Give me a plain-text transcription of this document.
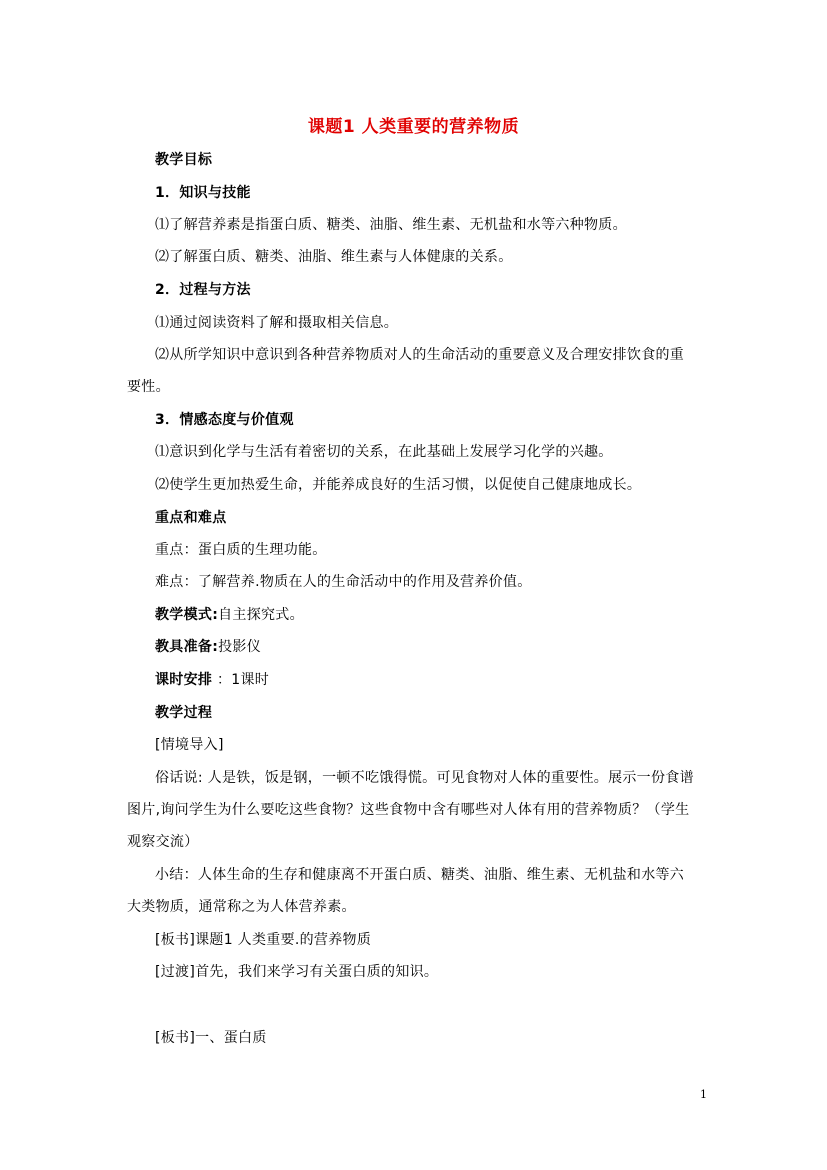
课题1 人类重要的营养物质
教学目标
1．知识与技能
⑴了解营养素是指蛋白质、糖类、油脂、维生素、无机盐和水等六种物质。
⑵了解蛋白质、糖类、油脂、维生素与人体健康的关系。
2．过程与方法
⑴通过阅读资料了解和摄取相关信息。
⑵从所学知识中意识到各种营养物质对人的生命活动的重要意义及合理安排饮食的重
要性。
3．情感态度与价值观
⑴意识到化学与生活有着密切的关系，在此基础上发展学习化学的兴趣。
⑵使学生更加热爱生命，并能养成良好的生活习惯，以促使自己健康地成长。
重点和难点
重点：蛋白质的生理功能。
难点：了解营养.物质在人的生命活动中的作用及营养价值。
教学模式:自主探究式。
教具准备:投影仪
课时安排 ：1课时
教学过程
[情境导入]
俗话说: 人是铁，饭是钢，一顿不吃饿得慌。可见食物对人体的重要性。展示一份食谱
图片,询问学生为什么要吃这些食物？这些食物中含有哪些对人体有用的营养物质？（学生
观察交流）
小结：人体生命的生存和健康离不开蛋白质、糖类、油脂、维生素、无机盐和水等六
大类物质，通常称之为人体营养素。
[板书]课题1 人类重要.的营养物质
[过渡]首先，我们来学习有关蛋白质的知识。
[板书]一、蛋白质
1
